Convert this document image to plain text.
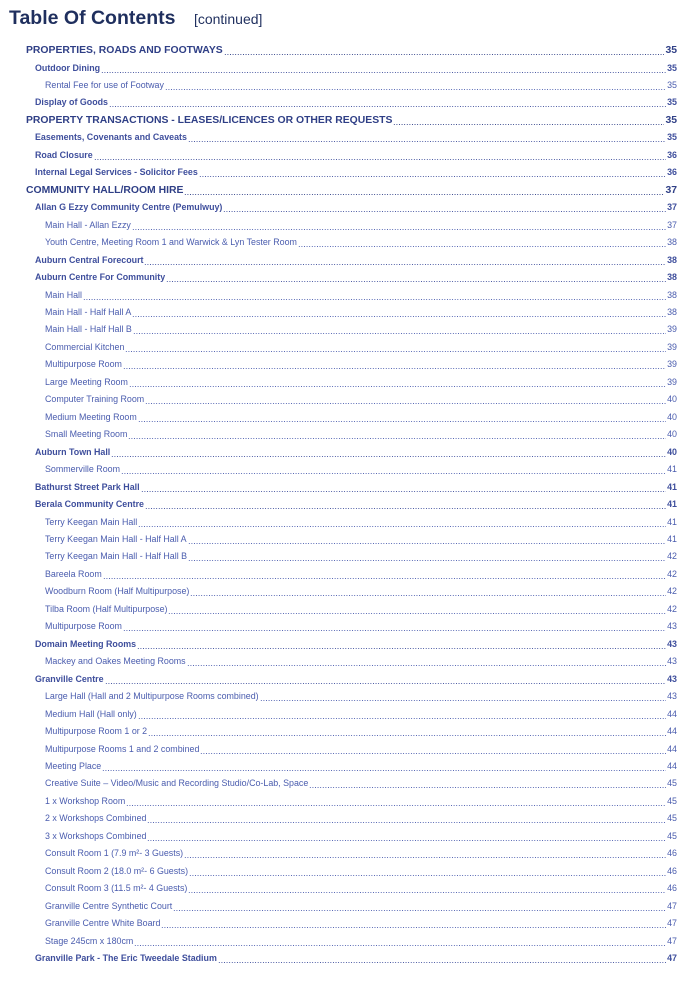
Table Of Contents [continued]
PROPERTIES, ROADS AND FOOTWAYS	35
Outdoor Dining	35
Rental Fee for use of Footway	35
Display of Goods	35
PROPERTY TRANSACTIONS - LEASES/LICENCES OR OTHER REQUESTS	35
Easements, Covenants and Caveats	35
Road Closure	36
Internal Legal Services - Solicitor Fees	36
COMMUNITY HALL/ROOM HIRE	37
Allan G Ezzy Community Centre (Pemulwuy)	37
Main Hall - Allan Ezzy	37
Youth Centre, Meeting Room 1 and Warwick & Lyn Tester Room	38
Auburn Central Forecourt	38
Auburn Centre For Community	38
Main Hall	38
Main Hall - Half Hall A	38
Main Hall - Half Hall B	39
Commercial Kitchen	39
Multipurpose Room	39
Large Meeting Room	39
Computer Training Room	40
Medium Meeting Room	40
Small Meeting Room	40
Auburn Town Hall	40
Sommerville Room	41
Bathurst Street Park Hall	41
Berala Community Centre	41
Terry Keegan Main Hall	41
Terry Keegan Main Hall - Half Hall A	41
Terry Keegan Main Hall - Half Hall B	42
Bareela Room	42
Woodburn Room (Half Multipurpose)	42
Tilba Room (Half Multipurpose)	42
Multipurpose Room	43
Domain Meeting Rooms	43
Mackey and Oakes Meeting Rooms	43
Granville Centre	43
Large Hall (Hall and 2 Multipurpose Rooms combined)	43
Medium Hall (Hall only)	44
Multipurpose Room 1 or 2	44
Multipurpose Rooms 1 and 2 combined	44
Meeting Place	44
Creative Suite – Video/Music and Recording Studio/Co-Lab, Space	45
1 x Workshop Room	45
2 x Workshops Combined	45
3 x Workshops Combined	45
Consult Room 1 (7.9 m²- 3 Guests)	46
Consult Room 2 (18.0 m²- 6 Guests)	46
Consult Room 3 (11.5 m²- 4 Guests)	46
Granville Centre Synthetic Court	47
Granville Centre White Board	47
Stage 245cm x 180cm	47
Granville Park - The Eric Tweedale Stadium	47
